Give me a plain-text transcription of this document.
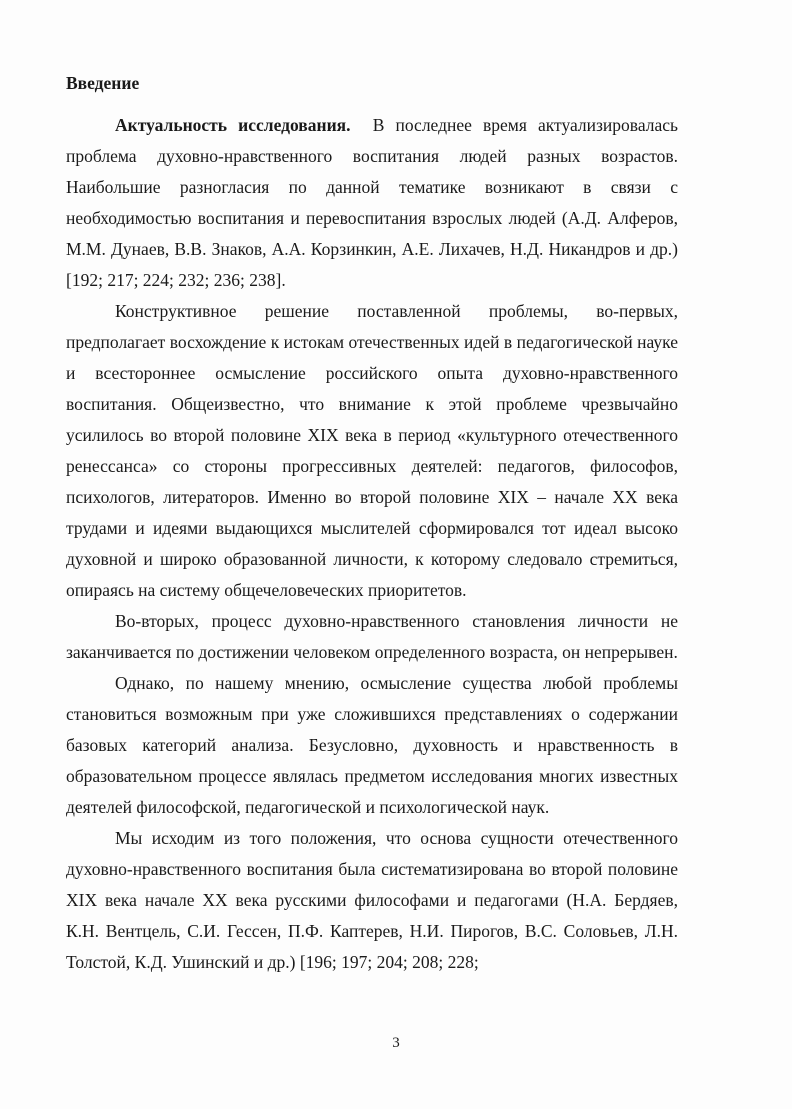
Введение

Актуальность исследования. В последнее время актуализировалась проблема духовно-нравственного воспитания людей разных возрастов. Наибольшие разногласия по данной тематике возникают в связи с необходимостью воспитания и перевоспитания взрослых людей (А.Д. Алферов, М.М. Дунаев, В.В. Знаков, А.А. Корзинкин, А.Е. Лихачев, Н.Д. Никандров и др.) [192; 217; 224; 232; 236; 238].

Конструктивное решение поставленной проблемы, во-первых, предполагает восхождение к истокам отечественных идей в педагогической науке и всестороннее осмысление российского опыта духовно-нравственного воспитания. Общеизвестно, что внимание к этой проблеме чрезвычайно усилилось во второй половине XIX века в период «культурного отечественного ренессанса» со стороны прогрессивных деятелей: педагогов, философов, психологов, литераторов. Именно во второй половине XIX – начале XX века трудами и идеями выдающихся мыслителей сформировался тот идеал высоко духовной и широко образованной личности, к которому следовало стремиться, опираясь на систему общечеловеческих приоритетов.

Во-вторых, процесс духовно-нравственного становления личности не заканчивается по достижении человеком определенного возраста, он непрерывен.

Однако, по нашему мнению, осмысление существа любой проблемы становиться возможным при уже сложившихся представлениях о содержании базовых категорий анализа. Безусловно, духовность и нравственность в образовательном процессе являлась предметом исследования многих известных деятелей философской, педагогической и психологической наук.

Мы исходим из того положения, что основа сущности отечественного духовно-нравственного воспитания была систематизирована во второй половине XIX века начале XX века русскими философами и педагогами (Н.А. Бердяев, К.Н. Вентцель, С.И. Гессен, П.Ф. Каптерев, Н.И. Пирогов, В.С. Соловьев, Л.Н. Толстой, К.Д. Ушинский и др.) [196; 197; 204; 208; 228;

3
